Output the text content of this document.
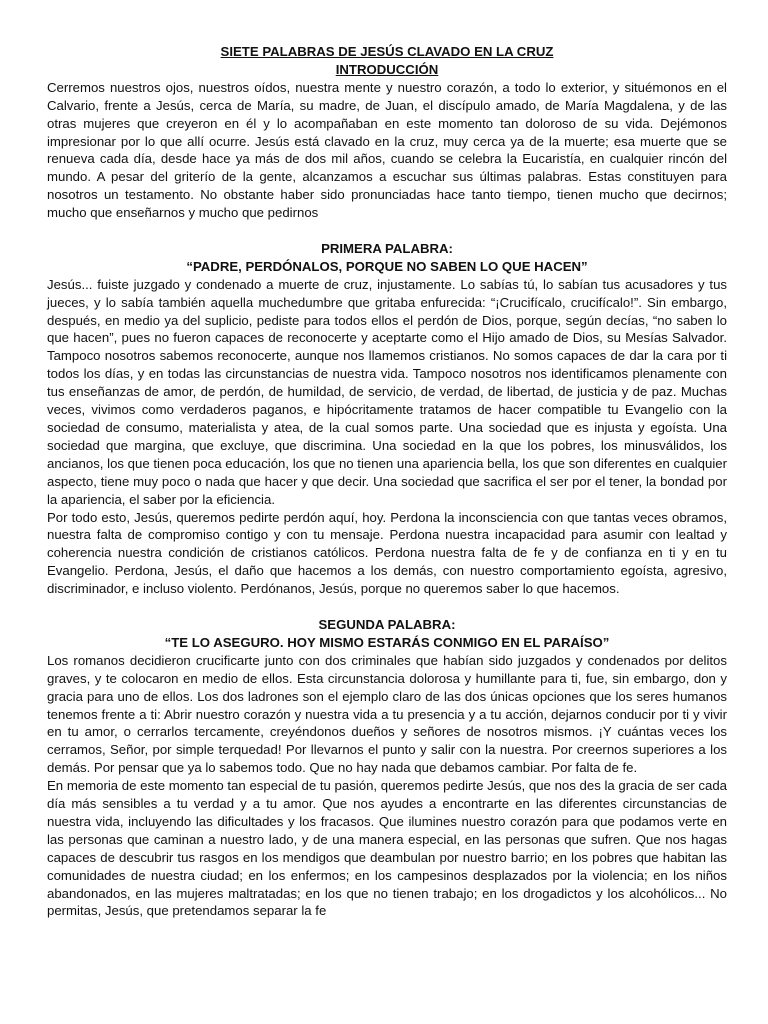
SIETE PALABRAS DE JESÚS CLAVADO EN LA CRUZ
INTRODUCCIÓN

Cerremos nuestros ojos, nuestros oídos, nuestra mente y nuestro corazón, a todo lo exterior, y situémonos en el Calvario, frente a Jesús, cerca de María, su madre, de Juan, el discípulo amado, de María Magdalena, y de las otras mujeres que creyeron en él y lo acompañaban en este momento tan doloroso de su vida. Dejémonos impresionar por lo que allí ocurre. Jesús está clavado en la cruz, muy cerca ya de la muerte; esa muerte que se renueva cada día, desde hace ya más de dos mil años, cuando se celebra la Eucaristía, en cualquier rincón del mundo. A pesar del griterío de la gente, alcanzamos a escuchar sus últimas palabras. Estas constituyen para nosotros un testamento. No obstante haber sido pronunciadas hace tanto tiempo, tienen mucho que decirnos; mucho que enseñarnos y mucho que pedirnos

PRIMERA PALABRA:
“PADRE, PERDÓNALOS, PORQUE NO SABEN LO QUE HACEN”

Jesús... fuiste juzgado y condenado a muerte de cruz, injustamente. Lo sabías tú, lo sabían tus acusadores y tus jueces, y lo sabía también aquella muchedumbre que gritaba enfurecida: “¡Crucifícalo, crucifícalo!”. Sin embargo, después, en medio ya del suplicio, pediste para todos ellos el perdón de Dios, porque, según decías, “no saben lo que hacen”, pues no fueron capaces de reconocerte y aceptarte como el Hijo amado de Dios, su Mesías Salvador. Tampoco nosotros sabemos reconocerte, aunque nos llamemos cristianos. No somos capaces de dar la cara por ti todos los días, y en todas las circunstancias de nuestra vida. Tampoco nosotros nos identificamos plenamente con tus enseñanzas de amor, de perdón, de humildad, de servicio, de verdad, de libertad, de justicia y de paz. Muchas veces, vivimos como verdaderos paganos, e hipócritamente tratamos de hacer compatible tu Evangelio con la sociedad de consumo, materialista y atea, de la cual somos parte. Una sociedad que es injusta y egoísta. Una sociedad que margina, que excluye, que discrimina. Una sociedad en la que los pobres, los minusválidos, los ancianos, los que tienen poca educación, los que no tienen una apariencia bella, los que son diferentes en cualquier aspecto, tiene muy poco o nada que hacer y que decir. Una sociedad que sacrifica el ser por el tener, la bondad por la apariencia, el saber por la eficiencia.

Por todo esto, Jesús, queremos pedirte perdón aquí, hoy. Perdona la inconsciencia con que tantas veces obramos, nuestra falta de compromiso contigo y con tu mensaje. Perdona nuestra incapacidad para asumir con lealtad y coherencia nuestra condición de cristianos católicos. Perdona nuestra falta de fe y de confianza en ti y en tu Evangelio. Perdona, Jesús, el daño que hacemos a los demás, con nuestro comportamiento egoísta, agresivo, discriminador, e incluso violento. Perdónanos, Jesús, porque no queremos saber lo que hacemos.

SEGUNDA PALABRA:
“TE LO ASEGURO. HOY MISMO ESTARÁS CONMIGO EN EL PARAÍSO”

Los romanos decidieron crucificarte junto con dos criminales que habían sido juzgados y condenados por delitos graves, y te colocaron en medio de ellos. Esta circunstancia dolorosa y humillante para ti, fue, sin embargo, don y gracia para uno de ellos. Los dos ladrones son el ejemplo claro de las dos únicas opciones que los seres humanos tenemos frente a ti: Abrir nuestro corazón y nuestra vida a tu presencia y a tu acción, dejarnos conducir por ti y vivir en tu amor, o cerrarlos tercamente, creyéndonos dueños y señores de nosotros mismos. ¡Y cuántas veces los cerramos, Señor, por simple terquedad! Por llevarnos el punto y salir con la nuestra. Por creernos superiores a los demás. Por pensar que ya lo sabemos todo. Que no hay nada que debamos cambiar. Por falta de fe.

En memoria de este momento tan especial de tu pasión, queremos pedirte Jesús, que nos des la gracia de ser cada día más sensibles a tu verdad y a tu amor. Que nos ayudes a encontrarte en las diferentes circunstancias de nuestra vida, incluyendo las dificultades y los fracasos. Que ilumines nuestro corazón para que podamos verte en las personas que caminan a nuestro lado, y de una manera especial, en las personas que sufren. Que nos hagas capaces de descubrir tus rasgos en los mendigos que deambulan por nuestro barrio; en los pobres que habitan las comunidades de nuestra ciudad; en los enfermos; en los campesinos desplazados por la violencia; en los niños abandonados, en las mujeres maltratadas; en los que no tienen trabajo; en los drogadictos y los alcohólicos... No permitas, Jesús, que pretendamos separar la fe
